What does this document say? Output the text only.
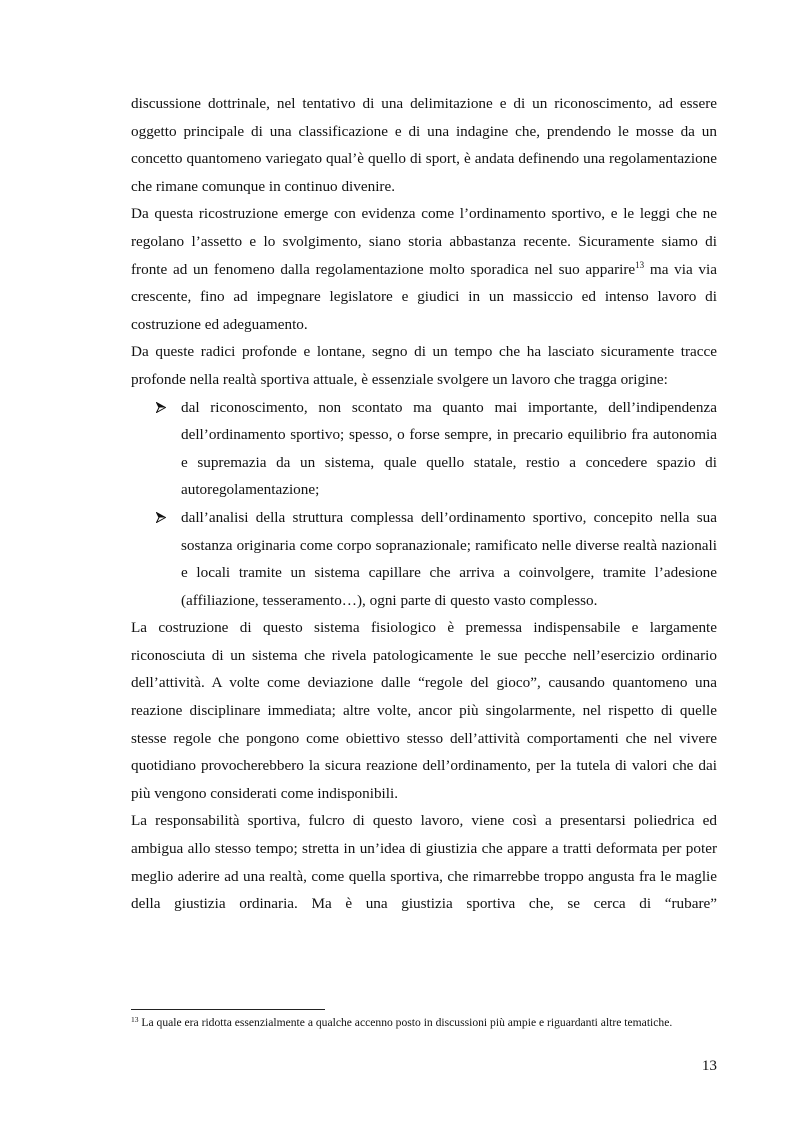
discussione dottrinale, nel tentativo di una delimitazione e di un riconoscimento, ad essere oggetto principale di una classificazione e di una indagine che, prendendo le mosse da un concetto quantomeno variegato qual’è quello di sport, è andata definendo una regolamentazione che rimane comunque in continuo divenire.

Da questa ricostruzione emerge con evidenza come l’ordinamento sportivo, e le leggi che ne regolano l’assetto e lo svolgimento, siano storia abbastanza recente. Sicuramente siamo di fronte ad un fenomeno dalla regolamentazione molto sporadica nel suo apparire$^{13}$ ma via via crescente, fino ad impegnare legislatore e giudici in un massiccio ed intenso lavoro di costruzione ed adeguamento.

Da queste radici profonde e lontane, segno di un tempo che ha lasciato sicuramente tracce profonde nella realtà sportiva attuale, è essenziale svolgere un lavoro che tragga origine:

dal riconoscimento, non scontato ma quanto mai importante, dell’indipendenza dell’ordinamento sportivo; spesso, o forse sempre, in precario equilibrio fra autonomia e supremazia da un sistema, quale quello statale, restio a concedere spazio di autoregolamentazione;
dall’analisi della struttura complessa dell’ordinamento sportivo, concepito nella sua sostanza originaria come corpo sopranazionale; ramificato nelle diverse realtà nazionali e locali tramite un sistema capillare che arriva a coinvolgere, tramite l’adesione (affiliazione, tesseramento…), ogni parte di questo vasto complesso.

La costruzione di questo sistema fisiologico è premessa indispensabile e largamente riconosciuta di un sistema che rivela patologicamente le sue pecche nell’esercizio ordinario dell’attività. A volte come deviazione dalle “regole del gioco”, causando quantomeno una reazione disciplinare immediata; altre volte, ancor più singolarmente, nel rispetto di quelle stesse regole che pongono come obiettivo stesso dell’attività comportamenti che nel vivere quotidiano provocherebbero la sicura reazione dell’ordinamento, per la tutela di valori che dai più vengono considerati come indisponibili.

La responsabilità sportiva, fulcro di questo lavoro, viene così a presentarsi poliedrica ed ambigua allo stesso tempo; stretta in un’idea di giustizia che appare a tratti deformata per poter meglio aderire ad una realtà, come quella sportiva, che rimarrebbe troppo angusta fra le maglie della giustizia ordinaria. Ma è una giustizia sportiva che, se cerca di “rubare”

$^{13}$ La quale era ridotta essenzialmente a qualche accenno posto in discussioni più ampie e riguardanti altre tematiche.

13
